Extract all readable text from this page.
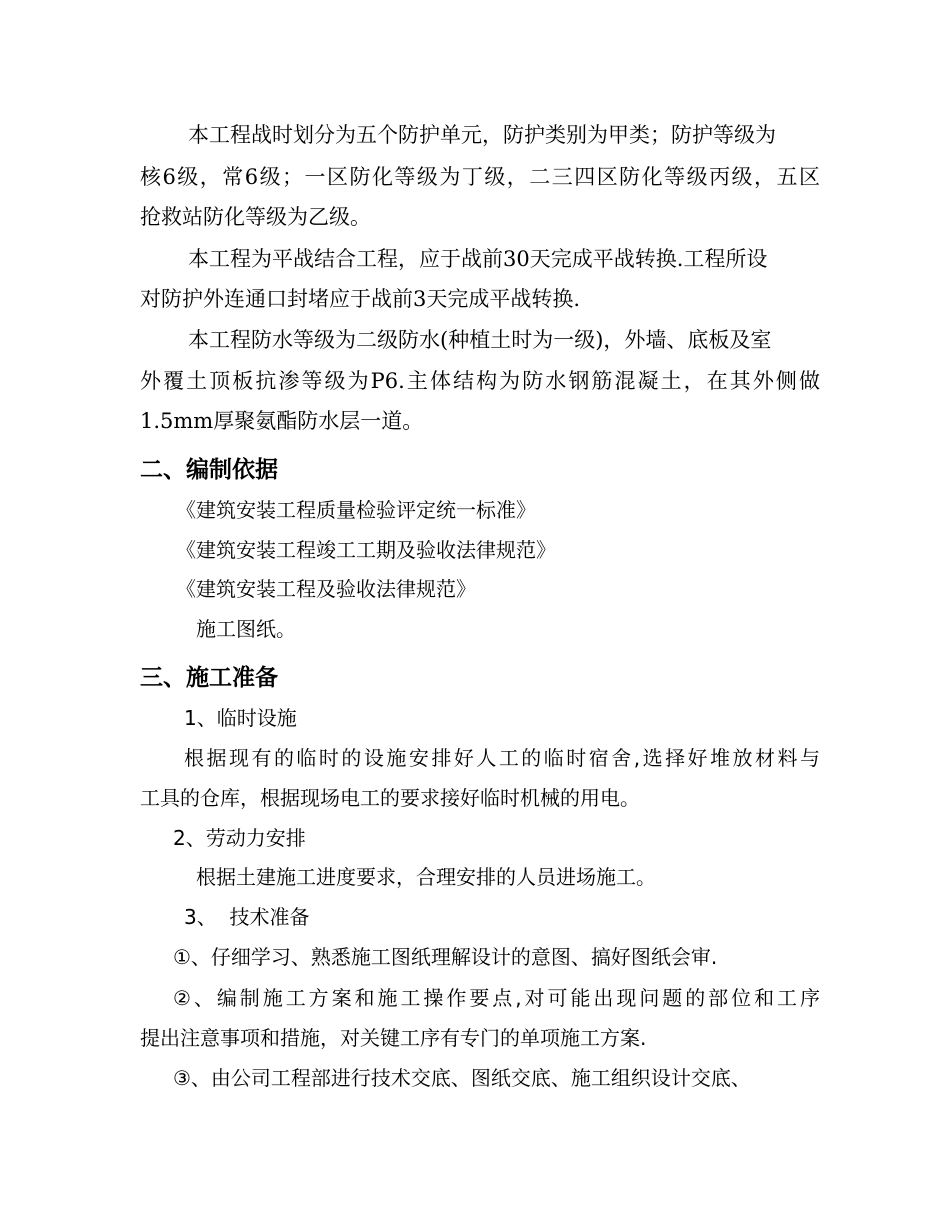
本工程战时划分为五个防护单元，防护类别为甲类；防护等级为
核6级，常6级；一区防化等级为丁级，二三四区防化等级丙级，五区
抢救站防化等级为乙级。
本工程为平战结合工程，应于战前30天完成平战转换.工程所设
对防护外连通口封堵应于战前3天完成平战转换.
本工程防水等级为二级防水(种植土时为一级)，外墙、底板及室
外覆土顶板抗渗等级为P6.主体结构为防水钢筋混凝土，在其外侧做
1.5mm厚聚氨酯防水层一道。
二、编制依据
《建筑安装工程质量检验评定统一标准》
《建筑安装工程竣工工期及验收法律规范》
《建筑安装工程及验收法律规范》
施工图纸。
三、施工准备
1、临时设施
根据现有的临时的设施安排好人工的临时宿舍,选择好堆放材料与
工具的仓库，根据现场电工的要求接好临时机械的用电。
2、劳动力安排
根据土建施工进度要求，合理安排的人员进场施工。
3、  技术准备
①、仔细学习、熟悉施工图纸理解设计的意图、搞好图纸会审.
②、编制施工方案和施工操作要点,对可能出现问题的部位和工序
提出注意事项和措施，对关键工序有专门的单项施工方案.
③、由公司工程部进行技术交底、图纸交底、施工组织设计交底、
